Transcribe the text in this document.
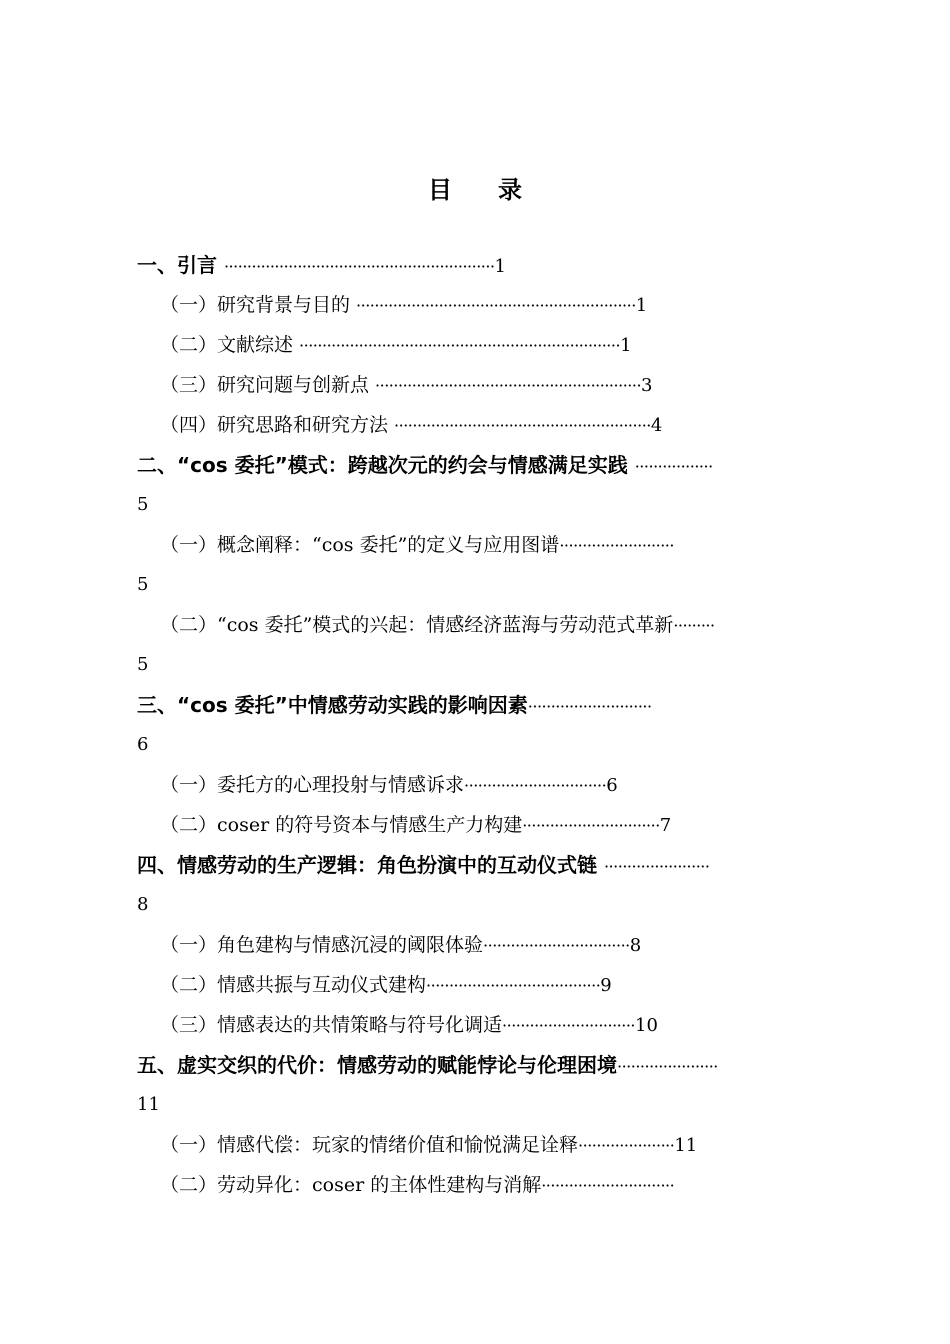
目 录
一、引言 ···························································1
（一）研究背景与目的 ·····························································1
（二）文献综述 ······································································1
（三）研究问题与创新点 ··························································3
（四）研究思路和研究方法 ························································4
二、“cos 委托”模式：跨越次元的约会与情感满足实践 ·················
5
（一）概念阐释：“cos 委托”的定义与应用图谱·························
5
（二）“cos 委托”模式的兴起：情感经济蓝海与劳动范式革新·········
5
三、“cos 委托”中情感劳动实践的影响因素···························
6
（一）委托方的心理投射与情感诉求·······························6
（二）coser 的符号资本与情感生产力构建······························7
四、情感劳动的生产逻辑：角色扮演中的互动仪式链 ·······················
8
（一）角色建构与情感沉浸的阈限体验································8
（二）情感共振与互动仪式建构······································9
（三）情感表达的共情策略与符号化调适·····························10
五、虚实交织的代价：情感劳动的赋能悖论与伦理困境······················
11
（一）情感代偿：玩家的情绪价值和愉悦满足诠释·····················11
（二）劳动异化：coser 的主体性建构与消解·····························
